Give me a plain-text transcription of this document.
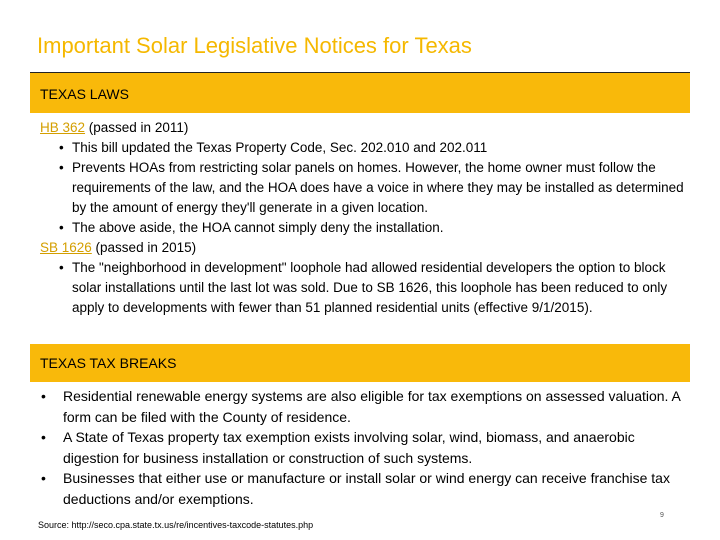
Important Solar Legislative Notices for Texas
TEXAS LAWS
HB 362 (passed in 2011)
• This bill updated the Texas Property Code, Sec. 202.010 and 202.011
• Prevents HOAs from restricting solar panels on homes. However, the home owner must follow the requirements of the law, and the HOA does have a voice in where they may be installed as determined by the amount of energy they'll generate in a given location.
• The above aside, the HOA cannot simply deny the installation.
SB 1626 (passed in 2015)
• The "neighborhood in development" loophole had allowed residential developers the option to block solar installations until the last lot was sold. Due to SB 1626, this loophole has been reduced to only apply to developments with fewer than 51 planned residential units (effective 9/1/2015).
TEXAS TAX BREAKS
• Residential renewable energy systems are also eligible for tax exemptions on assessed valuation. A form can be filed with the County of residence.
• A State of Texas property tax exemption exists involving solar, wind, biomass, and anaerobic digestion for business installation or construction of such systems.
• Businesses that either use or manufacture or install solar or wind energy can receive franchise tax deductions and/or exemptions.
Source: http://seco.cpa.state.tx.us/re/incentives-taxcode-statutes.php
9
